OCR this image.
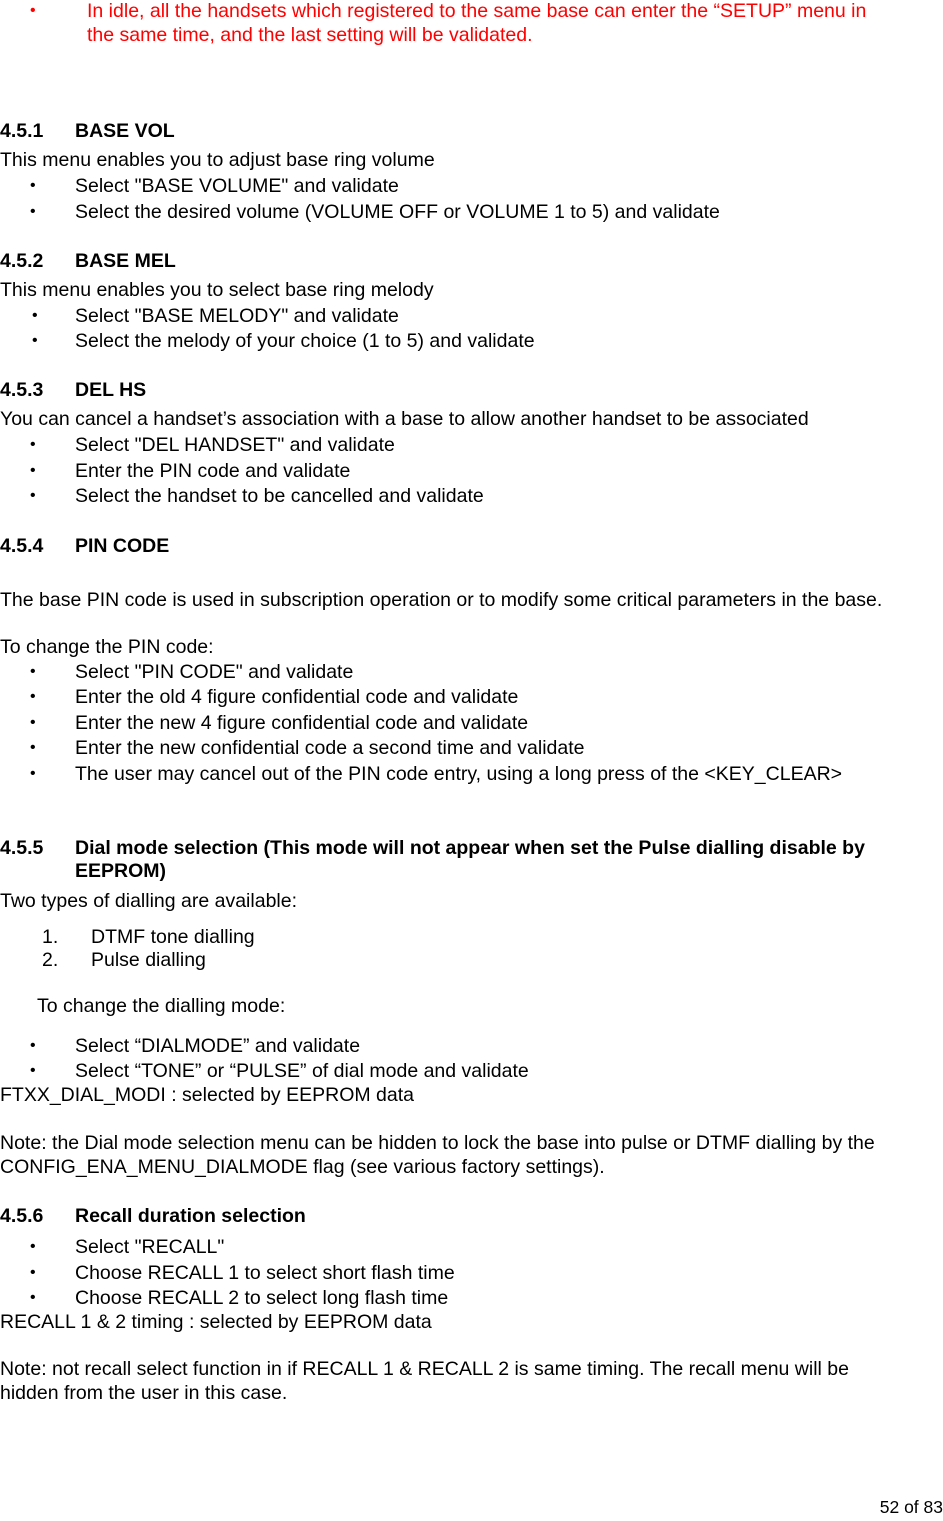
•	In idle, all the handsets which registered to the same base can enter the “SETUP” menu in
the same time, and the last setting will be validated.
4.5.1 BASE VOL
This menu enables you to adjust base ring volume
• Select "BASE VOLUME" and validate
• Select the desired volume (VOLUME OFF or VOLUME 1 to 5) and validate
4.5.2 BASE MEL
This menu enables you to select base ring melody
• Select "BASE MELODY" and validate
• Select the melody of your choice (1 to 5) and validate
4.5.3 DEL HS
You can cancel a handset’s association with a base to allow another handset to be associated
• Select "DEL HANDSET" and validate
• Enter the PIN code and validate
• Select the handset to be cancelled and validate
4.5.4 PIN CODE
The base PIN code is used in subscription operation or to modify some critical parameters in the base.
To change the PIN code:
• Select "PIN CODE" and validate
• Enter the old 4 figure confidential code and validate
• Enter the new 4 figure confidential code and validate
• Enter the new confidential code a second time and validate
• The user may cancel out of the PIN code entry, using a long press of the <KEY_CLEAR>
4.5.5 Dial mode selection (This mode will not appear when set the Pulse dialling disable by
EEPROM)
Two types of dialling are available:
1. DTMF tone dialling
2. Pulse dialling
To change the dialling mode:
• Select “DIALMODE” and validate
• Select “TONE” or “PULSE” of dial mode and validate
FTXX_DIAL_MODI : selected by EEPROM data
Note: the Dial mode selection menu can be hidden to lock the base into pulse or DTMF dialling by the
CONFIG_ENA_MENU_DIALMODE flag (see various factory settings).
4.5.6 Recall duration selection
• Select "RECALL"
• Choose RECALL 1 to select short flash time
• Choose RECALL 2 to select long flash time
RECALL 1 & 2 timing : selected by EEPROM data
Note: not recall select function in if RECALL 1 & RECALL 2 is same timing. The recall menu will be
hidden from the user in this case.
52 of 83
